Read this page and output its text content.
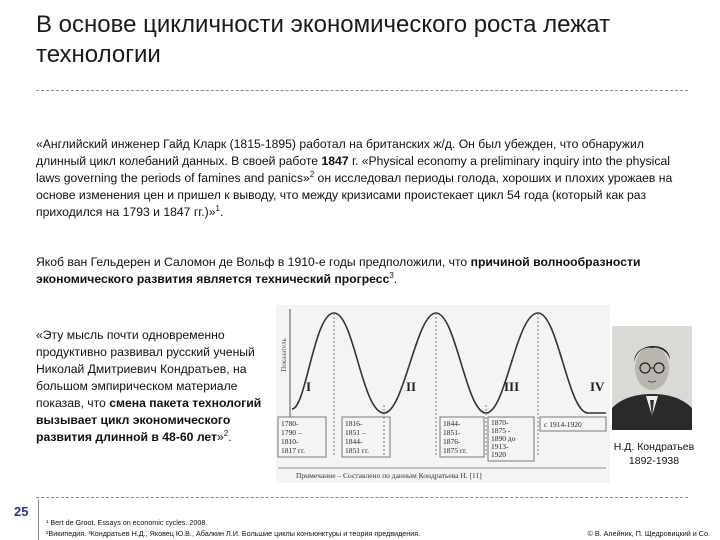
В основе цикличности экономического роста лежат технологии
«Английский инженер Гайд Кларк (1815-1895) работал на британских ж/д. Он был убежден, что обнаружил длинный цикл колебаний данных. В своей работе 1847 г. «Physical economy a preliminary inquiry into the physical laws governing the periods of famines and panics»$^2$ он исследовал периоды голода, хороших и плохих урожаев на основе изменения цен и пришел к выводу, что между кризисами проистекает цикл 54 года (который как раз приходился на 1793 и 1847 гг.)»$^1$.
Якоб ван Гельдерен и Саломон де Вольф в 1910-е годы предположили, что причиной волнообразности экономического развития является технический прогресс$^3$.
«Эту мысль почти одновременно продуктивно развивал русский ученый Николай Дмитриевич Кондратьев, на большом эмпирическом материале показав, что смена пакета технологий вызывает цикл экономического развития длинной в 48-60 лет»$^2$.
Показатель
I	II	III	IV
1780-
1790 –
1810-
1817 гг.
1816-
1851 –
1844-
1851 гг.
1844-
1851-
1876-
1875 гг.
1870-
1875 -
1890 до
1913-
1920
с 1914-1920
Примечание – Составлено по данным Кондратьева Н. [11]
Н.Д. Кондратьев
1892-1938
25
¹ Bert de Groot. Essays on economic cycles. 2008.
²Википедия. ³Кондратьев Н.Д., Яковец Ю.В., Абалкин Л.И. Большие циклы конъюнктуры и теория предвидения.	© В. Алейник, П. Щедровицкий и Со.
